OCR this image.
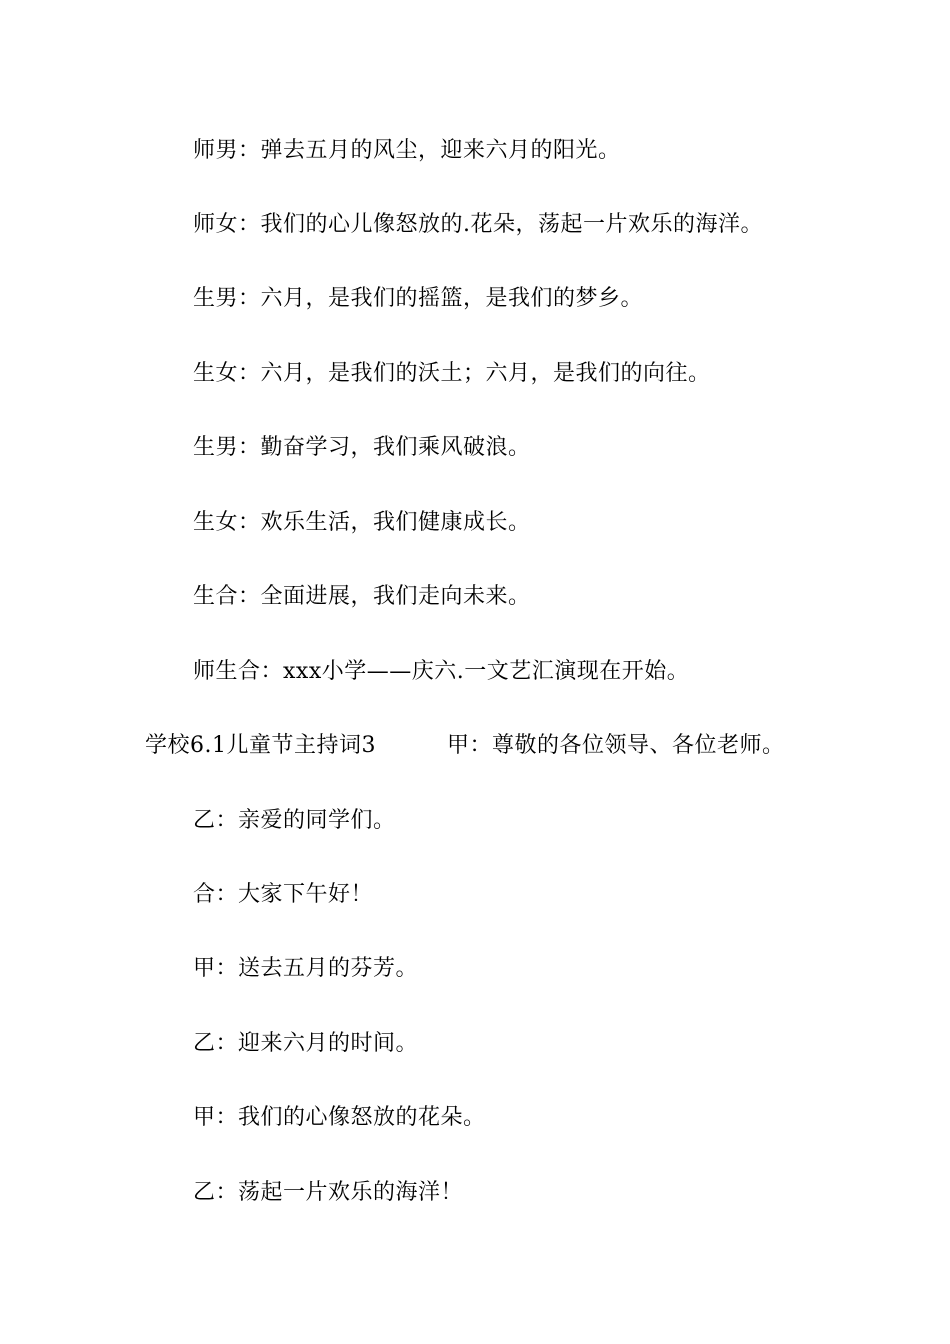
师男：弹去五月的风尘，迎来六月的阳光。

师女：我们的心儿像怒放的.花朵，荡起一片欢乐的海洋。

生男：六月，是我们的摇篮，是我们的梦乡。

生女：六月，是我们的沃土；六月，是我们的向往。

生男：勤奋学习，我们乘风破浪。

生女：欢乐生活，我们健康成长。

生合：全面进展，我们走向未来。

师生合：xxx小学——庆六.一文艺汇演现在开始。

学校6.1儿童节主持词3	甲：尊敬的各位领导、各位老师。

乙：亲爱的同学们。

合：大家下午好！

甲：送去五月的芬芳。

乙：迎来六月的时间。

甲：我们的心像怒放的花朵。

乙：荡起一片欢乐的海洋！
